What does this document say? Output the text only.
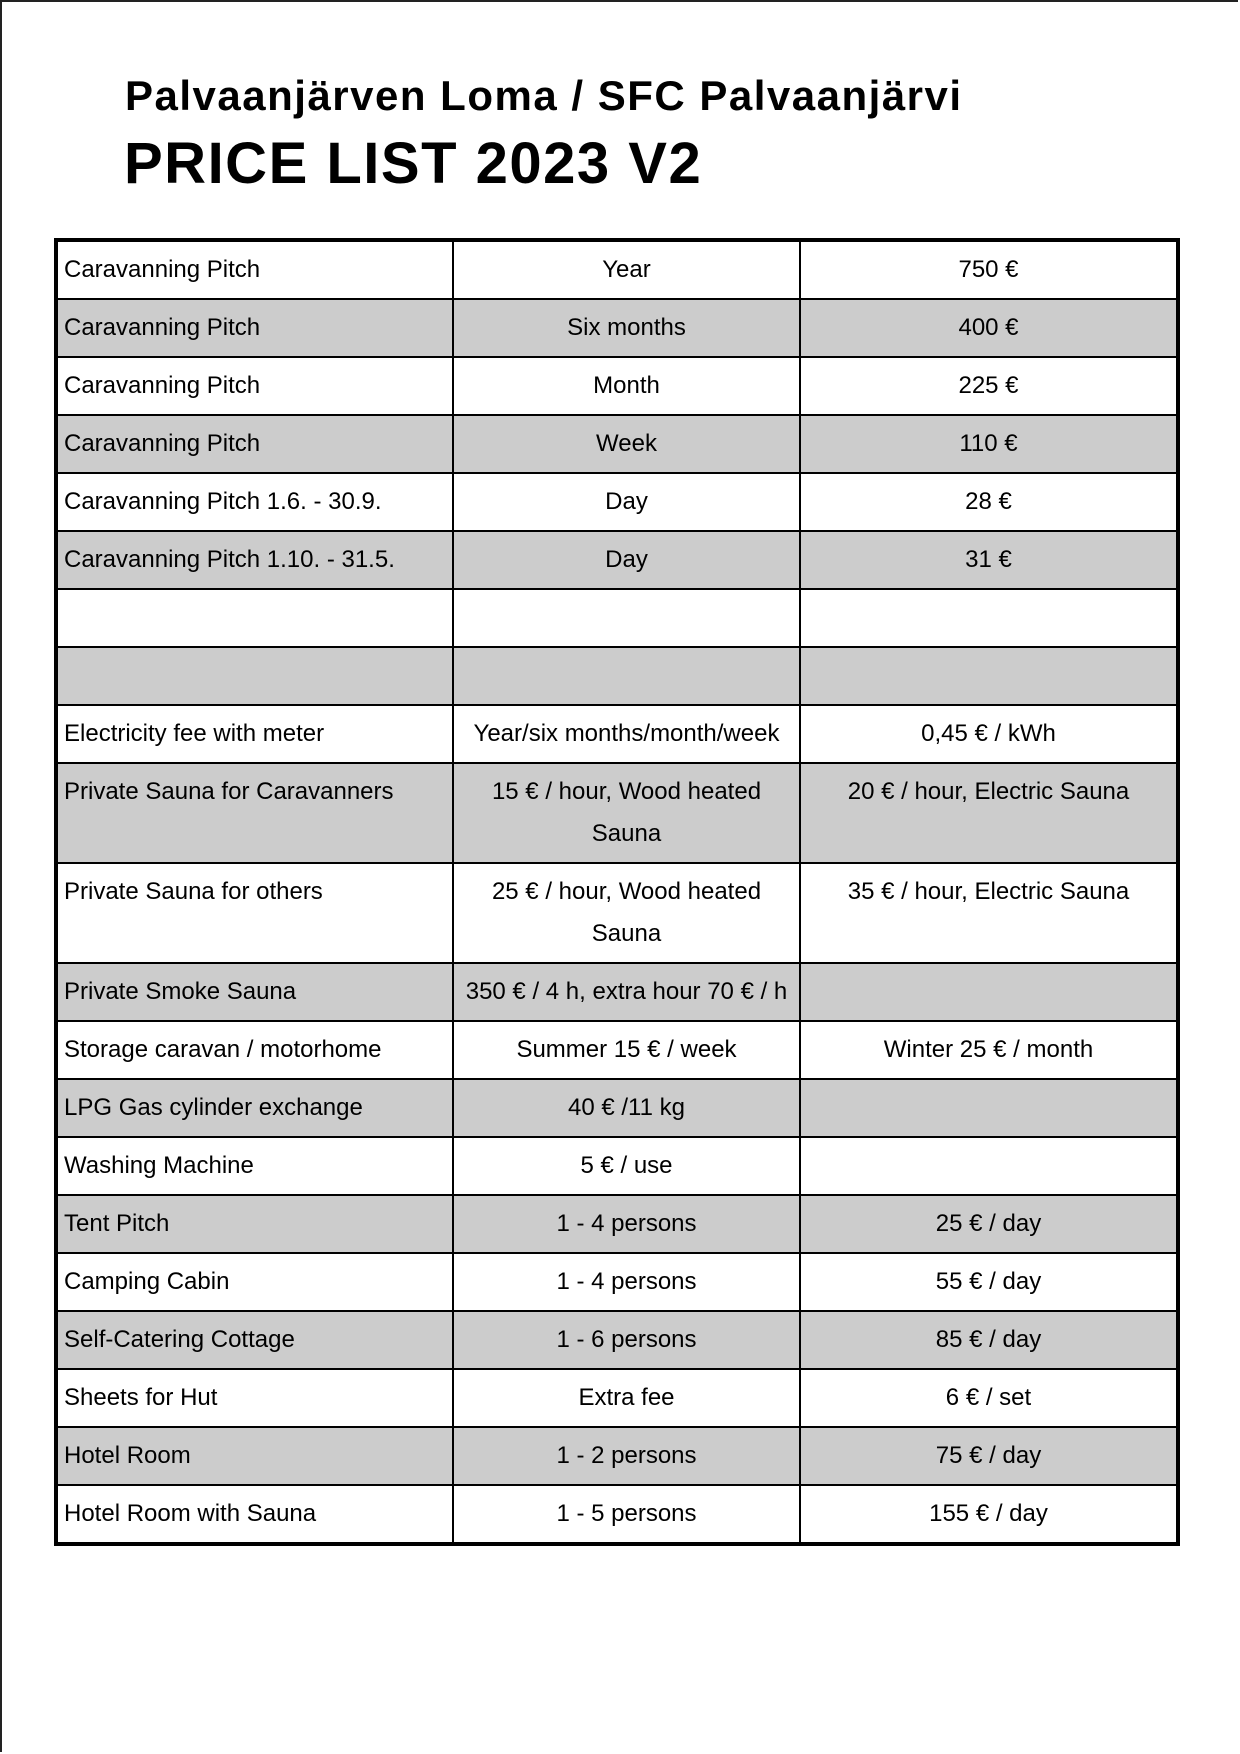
Palvaanjärven Loma / SFC Palvaanjärvi
PRICE LIST 2023 V2
Caravanning Pitch	Year	750 €
Caravanning Pitch	Six months	400 €
Caravanning Pitch	Month	225 €
Caravanning Pitch	Week	110 €
Caravanning Pitch 1.6. - 30.9.	Day	28 €
Caravanning Pitch 1.10. - 31.5.	Day	31 €

Electricity fee with meter	Year/six months/month/week	0,45 € / kWh
Private Sauna for Caravanners	15 € / hour, Wood heated Sauna	20 € / hour, Electric Sauna
Private Sauna for others	25 € / hour, Wood heated Sauna	35 € / hour, Electric Sauna
Private Smoke Sauna	350 € / 4 h, extra hour 70 € / h	
Storage caravan / motorhome	Summer 15 € / week	Winter 25 € / month
LPG Gas cylinder exchange	40 € /11 kg	
Washing Machine	5 € / use	
Tent Pitch	1 - 4 persons	25 € / day
Camping Cabin	1 - 4 persons	55 € / day
Self-Catering Cottage	1 - 6 persons	85 € / day
Sheets for Hut	Extra fee	6 € / set
Hotel Room	1 - 2 persons	75 € / day
Hotel Room with Sauna	1 - 5 persons	155 € / day
